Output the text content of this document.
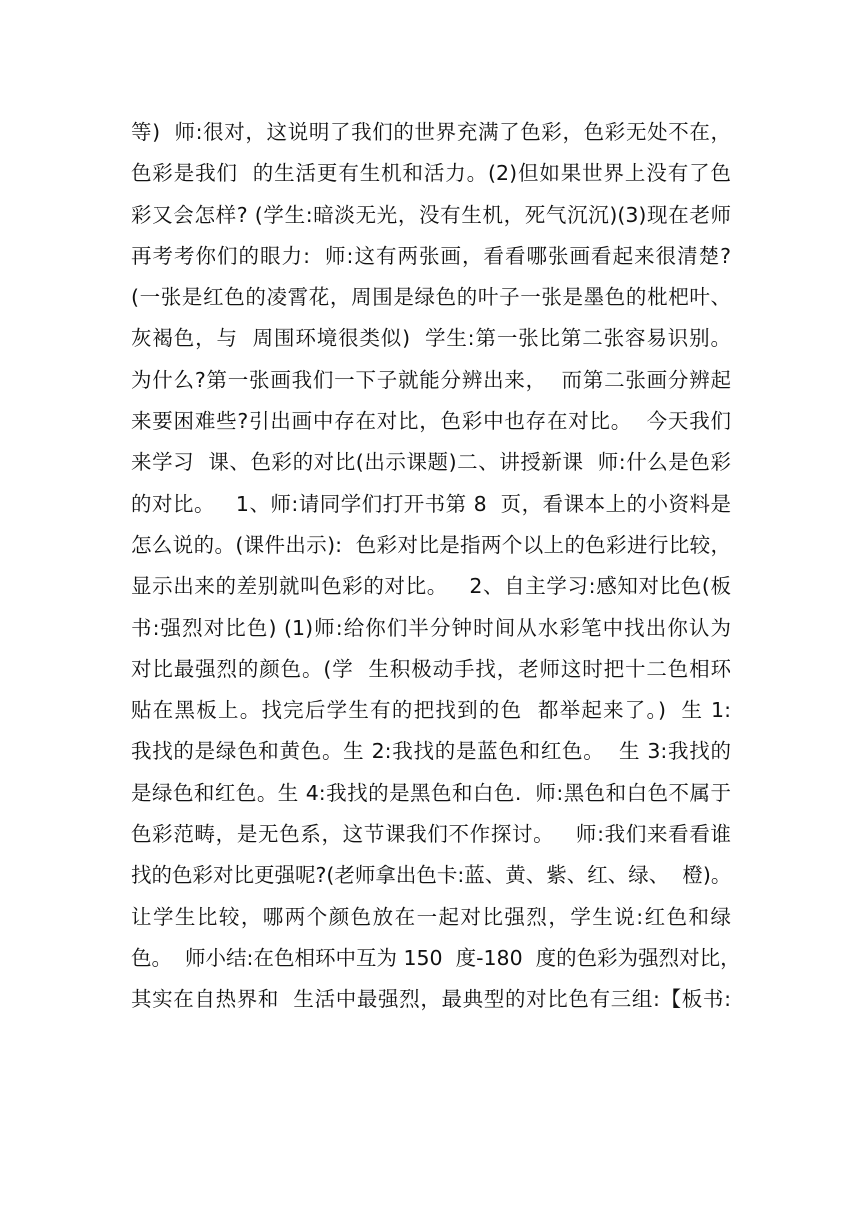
等)  师:很对，这说明了我们的世界充满了色彩，色彩无处不在，
色彩是我们  的生活更有生机和活力。(2)但如果世界上没有了色
彩又会怎样? (学生:暗淡无光，没有生机，死气沉沉)(3)现在老师
再考考你们的眼力:  师:这有两张画，看看哪张画看起来很清楚?
(一张是红色的凌霄花，周围是绿色的叶子一张是墨色的枇杷叶、
灰褐色，与  周围环境很类似)  学生:第一张比第二张容易识别。
为什么?第一张画我们一下子就能分辨出来，  而第二张画分辨起
来要困难些?引出画中存在对比，色彩中也存在对比。  今天我们
来学习  课、色彩的对比(出示课题)二、讲授新课  师:什么是色彩
的对比。   1、师:请同学们打开书第 8  页，看课本上的小资料是
怎么说的。(课件出示):  色彩对比是指两个以上的色彩进行比较，
显示出来的差别就叫色彩的对比。   2、自主学习:感知对比色(板
书:强烈对比色) (1)师:给你们半分钟时间从水彩笔中找出你认为
对比最强烈的颜色。(学  生积极动手找，老师这时把十二色相环
贴在黑板上。找完后学生有的把找到的色  都举起来了。)  生 1:
我找的是绿色和黄色。生 2:我找的是蓝色和红色。  生 3:我找的
是绿色和红色。生 4:我找的是黑色和白色.  师:黑色和白色不属于
色彩范畴，是无色系，这节课我们不作探讨。   师:我们来看看谁
找的色彩对比更强呢?(老师拿出色卡:蓝、黄、紫、红、绿、  橙)。
让学生比较，哪两个颜色放在一起对比强烈，学生说:红色和绿
色。  师小结:在色相环中互为 150  度-180  度的色彩为强烈对比，
其实在自热界和  生活中最强烈，最典型的对比色有三组:【板书:
